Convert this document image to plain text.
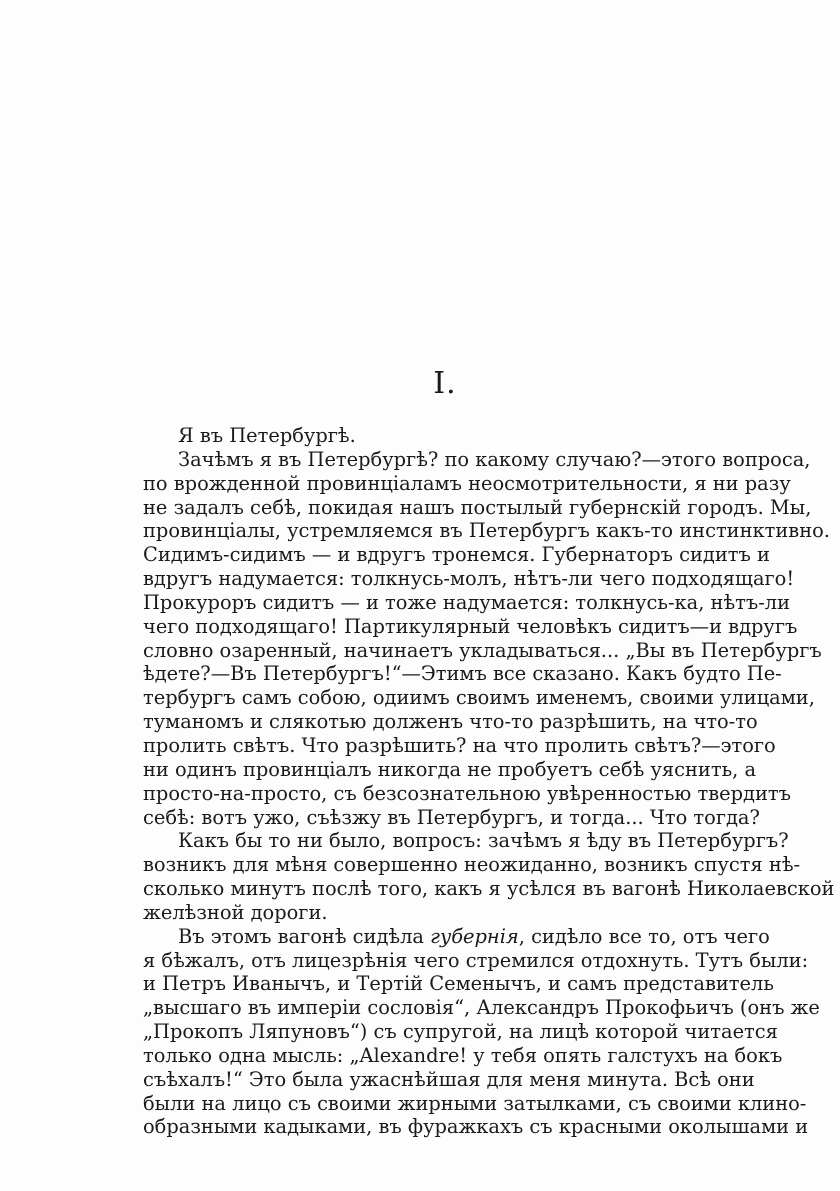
I.
Я въ Петербургѣ.
Зачѣмъ я въ Петербургѣ? по какому случаю?—этого вопроса,
по врожденной провинціаламъ неосмотрительности, я ни разу
не задалъ себѣ, покидая нашъ постылый губернскій городъ. Мы,
провинціалы, устремляемся въ Петербургъ какъ-то инстинктивно.
Сидимъ-сидимъ — и вдругъ тронемся. Губернаторъ сидитъ и
вдругъ надумается: толкнусь-молъ, нѣтъ-ли чего подходящаго!
Прокуроръ сидитъ — и тоже надумается: толкнусь-ка, нѣтъ-ли
чего подходящаго! Партикулярный человѣкъ сидитъ—и вдругъ
словно озаренный, начинаетъ укладываться... „Вы въ Петербургъ
ѣдете?—Въ Петербургъ!“—Этимъ все сказано. Какъ будто Пе-
тербургъ самъ собою, одиимъ своимъ именемъ, своими улицами,
туманомъ и слякотью долженъ что-то разрѣшить, на что-то
пролить свѣтъ. Что разрѣшить? на что пролить свѣтъ?—этого
ни одинъ провинціалъ никогда не пробуетъ себѣ уяснить, а
просто-на-просто, съ безсознательною увѣренностью твердитъ
себѣ: вотъ ужо, съѣзжу въ Петербургъ, и тогда... Что тогда?
Какъ бы то ни было, вопросъ: зачѣмъ я ѣду въ Петербургъ?
возникъ для мѣня совершенно неожиданно, возникъ спустя нѣ-
сколько минутъ послѣ того, какъ я усѣлся въ вагонѣ Николаевской
желѣзной дороги.
Въ этомъ вагонѣ сидѣла губернія, сидѣло все то, отъ чего
я бѣжалъ, отъ лицезрѣнія чего стремился отдохнуть. Тутъ были:
и Петръ Иванычъ, и Тертій Семенычъ, и самъ представитель
„высшаго въ имперіи сословія“, Александръ Прокофьичъ (онъ же
„Прокопъ Ляпуновъ“) съ супругой, на лицѣ которой читается
только одна мысль: „Alexandre! у тебя опять галстухъ на бокъ
съѣхалъ!“ Это была ужаснѣйшая для меня минута. Всѣ они
были на лицо съ своими жирными затылками, съ своими клино-
образными кадыками, въ фуражкахъ съ красными околышами и
